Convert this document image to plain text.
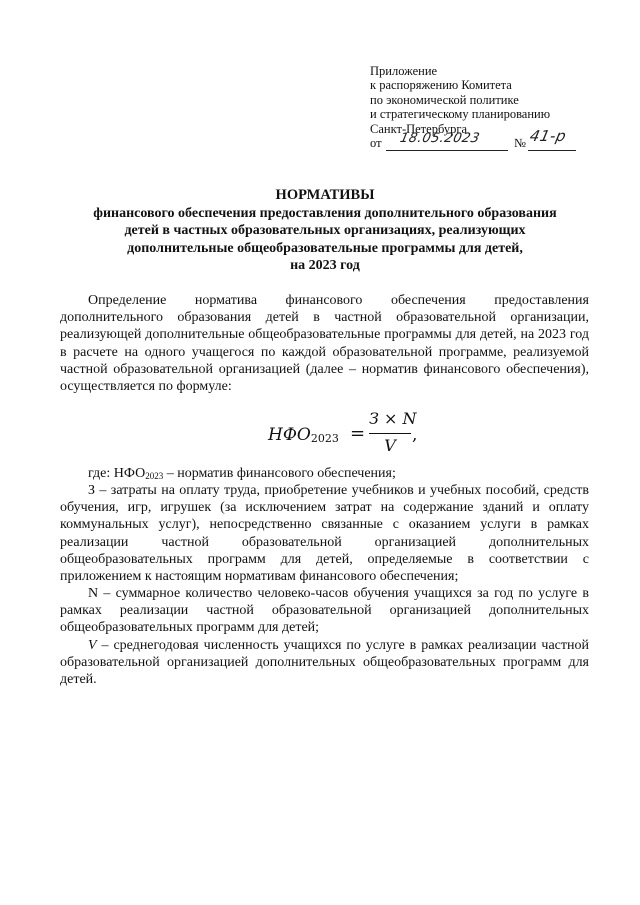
Приложение
к распоряжению Комитета
по экономической политике
и стратегическому планированию
Санкт-Петербурга
от 18.05.2023	№ 41-р
НОРМАТИВЫ
финансового обеспечения предоставления дополнительного образования
детей в частных образовательных организациях, реализующих
дополнительные общеобразовательные программы для детей,
на 2023 год
Определение норматива финансового обеспечения предоставления дополнительного образования детей в частной образовательной организации, реализующей дополнительные общеобразовательные программы для детей, на 2023 год в расчете на одного учащегося по каждой образовательной программе, реализуемой частной образовательной организацией (далее – норматив финансового обеспечения), осуществляется по формуле:
$НФО_{2023}$ =
З × N
V
,
где: $НФО_{2023}$ – норматив финансового обеспечения;
З – затраты на оплату труда, приобретение учебников и учебных пособий, средств обучения, игр, игрушек (за исключением затрат на содержание зданий и оплату коммунальных услуг), непосредственно связанные с оказанием услуги в рамках реализации частной образовательной организацией дополнительных общеобразовательных программ для детей, определяемые в соответствии с приложением к настоящим нормативам финансового обеспечения;
N – суммарное количество человеко-часов обучения учащихся за год по услуге в рамках реализации частной образовательной организацией дополнительных общеобразовательных программ для детей;
V – среднегодовая численность учащихся по услуге в рамках реализации частной образовательной организацией дополнительных общеобразовательных программ для детей.
